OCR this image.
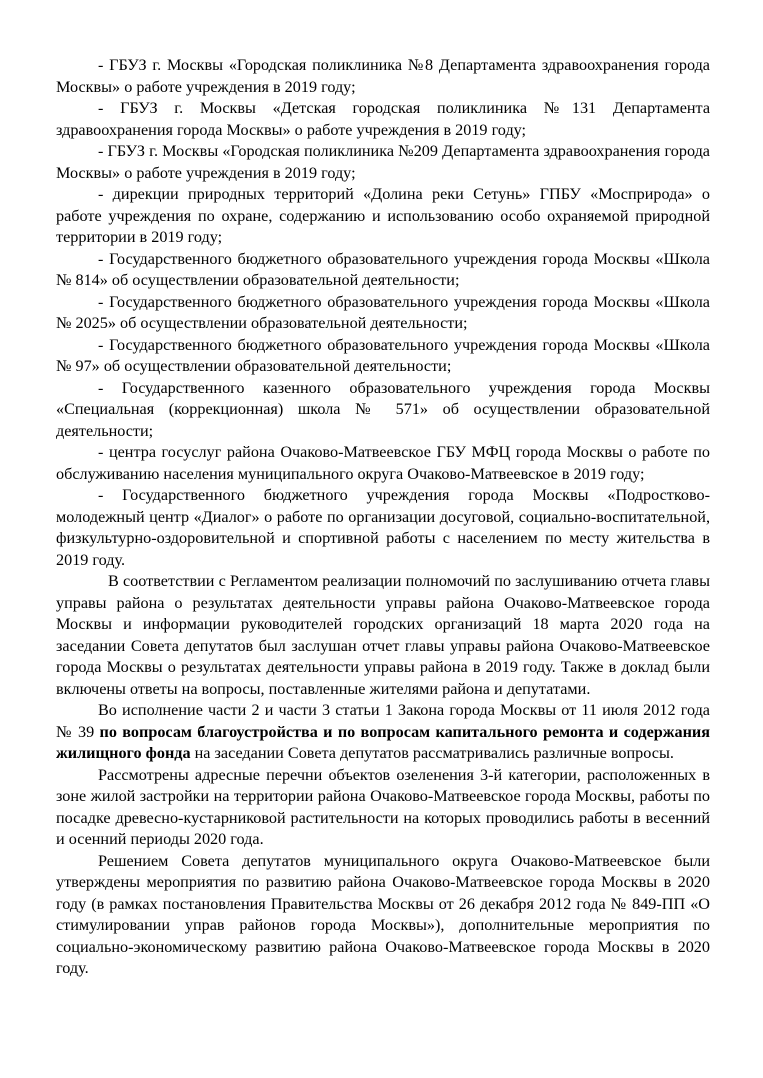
- ГБУЗ г. Москвы «Городская поликлиника №8 Департамента здравоохранения города Москвы» о работе учреждения в 2019 году;

- ГБУЗ г. Москвы «Детская городская поликлиника №131 Департамента здравоохранения города Москвы» о работе учреждения в 2019 году;

- ГБУЗ г. Москвы «Городская поликлиника №209 Департамента здравоохранения города Москвы» о работе учреждения в 2019 году;

- дирекции природных территорий «Долина реки Сетунь» ГПБУ «Мосприрода» о работе учреждения по охране, содержанию и использованию особо охраняемой природной территории в 2019 году;

- Государственного бюджетного образовательного учреждения города Москвы «Школа № 814» об осуществлении образовательной деятельности;

- Государственного бюджетного образовательного учреждения города Москвы «Школа № 2025» об осуществлении образовательной деятельности;

- Государственного бюджетного образовательного учреждения города Москвы «Школа № 97» об осуществлении образовательной деятельности;

- Государственного казенного образовательного учреждения города Москвы «Специальная (коррекционная) школа № 571» об осуществлении образовательной деятельности;

- центра госуслуг района Очаково-Матвеевское ГБУ МФЦ города Москвы о работе по обслуживанию населения муниципального округа Очаково-Матвеевское в 2019 году;

- Государственного бюджетного учреждения города Москвы «Подростково-молодежный центр «Диалог» о работе по организации досуговой, социально-воспитательной, физкультурно-оздоровительной и спортивной работы с населением по месту жительства в 2019 году.

В соответствии с Регламентом реализации полномочий по заслушиванию отчета главы управы района о результатах деятельности управы района Очаково-Матвеевское города Москвы и информации руководителей городских организаций 18 марта 2020 года на заседании Совета депутатов был заслушан отчет главы управы района Очаково-Матвеевское города Москвы о результатах деятельности управы района в 2019 году. Также в доклад были включены ответы на вопросы, поставленные жителями района и депутатами.

Во исполнение части 2 и части 3 статьи 1 Закона города Москвы от 11 июля 2012 года № 39 по вопросам благоустройства и по вопросам капитального ремонта и содержания жилищного фонда на заседании Совета депутатов рассматривались различные вопросы.

Рассмотрены адресные перечни объектов озеленения 3-й категории, расположенных в зоне жилой застройки на территории района Очаково-Матвеевское города Москвы, работы по посадке древесно-кустарниковой растительности на которых проводились работы в весенний и осенний периоды 2020 года.

Решением Совета депутатов муниципального округа Очаково-Матвеевское были утверждены мероприятия по развитию района Очаково-Матвеевское города Москвы в 2020 году (в рамках постановления Правительства Москвы от 26 декабря 2012 года № 849-ПП «О стимулировании управ районов города Москвы»), дополнительные мероприятия по социально-экономическому развитию района Очаково-Матвеевское города Москвы в 2020 году.
